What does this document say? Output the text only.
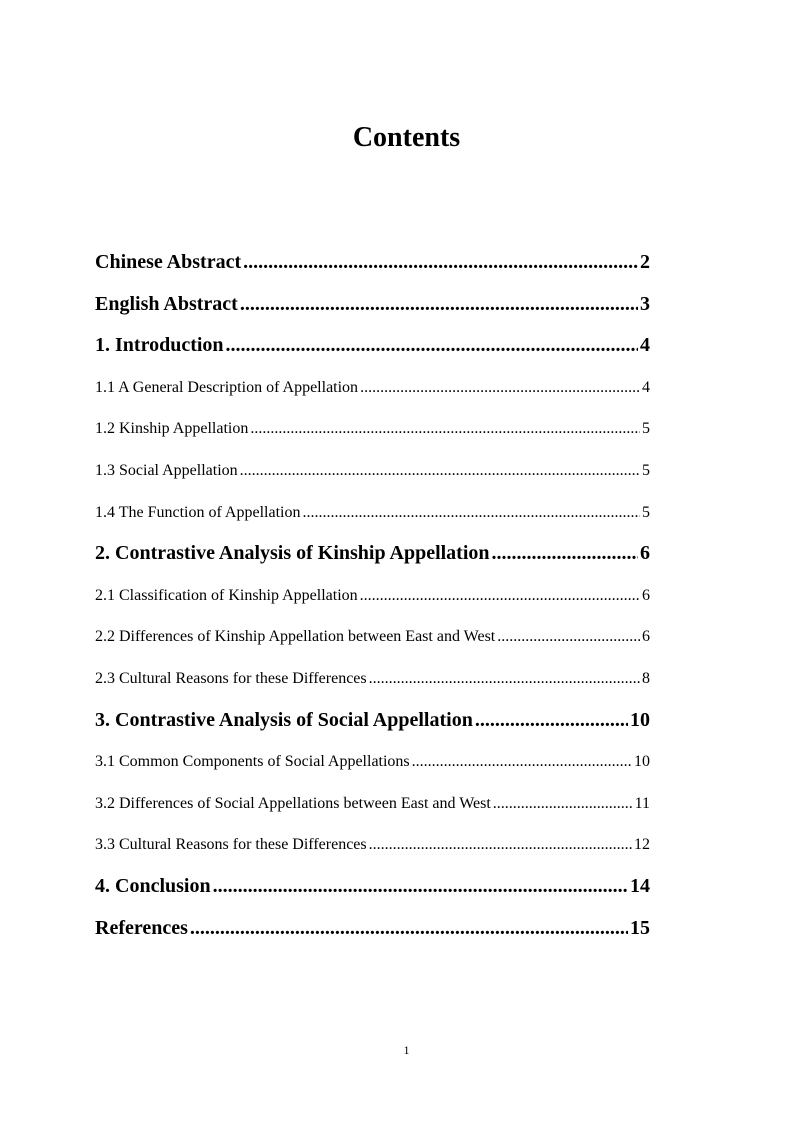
Contents
Chinese Abstract .....	2
English Abstract .....	3
1. Introduction .....	4
1.1 A General Description of Appellation .....	4
1.2 Kinship Appellation .....	5
1.3 Social Appellation .....	5
1.4 The Function of Appellation .....	5
2. Contrastive Analysis of Kinship Appellation .....	6
2.1 Classification of Kinship Appellation .....	6
2.2 Differences of Kinship Appellation between East and West .....	6
2.3 Cultural Reasons for these Differences .....	8
3. Contrastive Analysis of Social Appellation .....	10
3.1 Common Components of Social Appellations .....	10
3.2 Differences of Social Appellations between East and West .....	11
3.3 Cultural Reasons for these Differences .....	12
4. Conclusion .....	14
References .....	15
1
